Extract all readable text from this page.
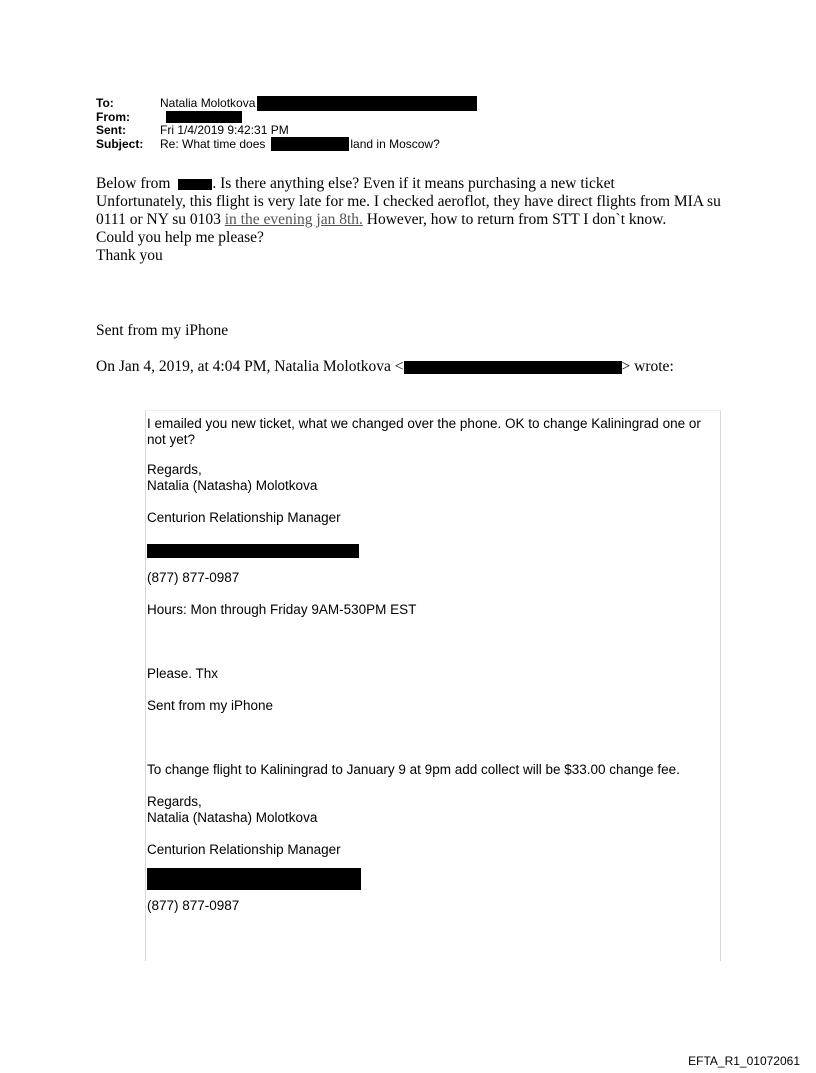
To:	Natalia Molotkova
From:
Sent:	Fri 1/4/2019 9:42:31 PM
Subject:	Re: What time does	land in Moscow?

Below from	. Is there anything else? Even if it means purchasing a new ticket

Unfortunately, this flight is very late for me. I checked aeroflot, they have direct flights from MIA su 0111 or NY su 0103 in the evening jan 8th. However, how to return from STT I don`t know.

Could you help me please?

Thank you

Sent from my iPhone
On Jan 4, 2019, at 4:04 PM, Natalia Molotkova <	> wrote:

I emailed you new ticket, what we changed over the phone. OK to change Kaliningrad one or not yet?

Regards,

Natalia (Natasha) Molotkova

Centurion Relationship Manager

(877) 877-0987

Hours: Mon through Friday 9AM-530PM EST

Please. Thx

Sent from my iPhone

To change flight to Kaliningrad to January 9 at 9pm add collect will be $33.00 change fee.

Regards,

Natalia (Natasha) Molotkova

Centurion Relationship Manager

(877) 877-0987

EFTA_R1_01072061
